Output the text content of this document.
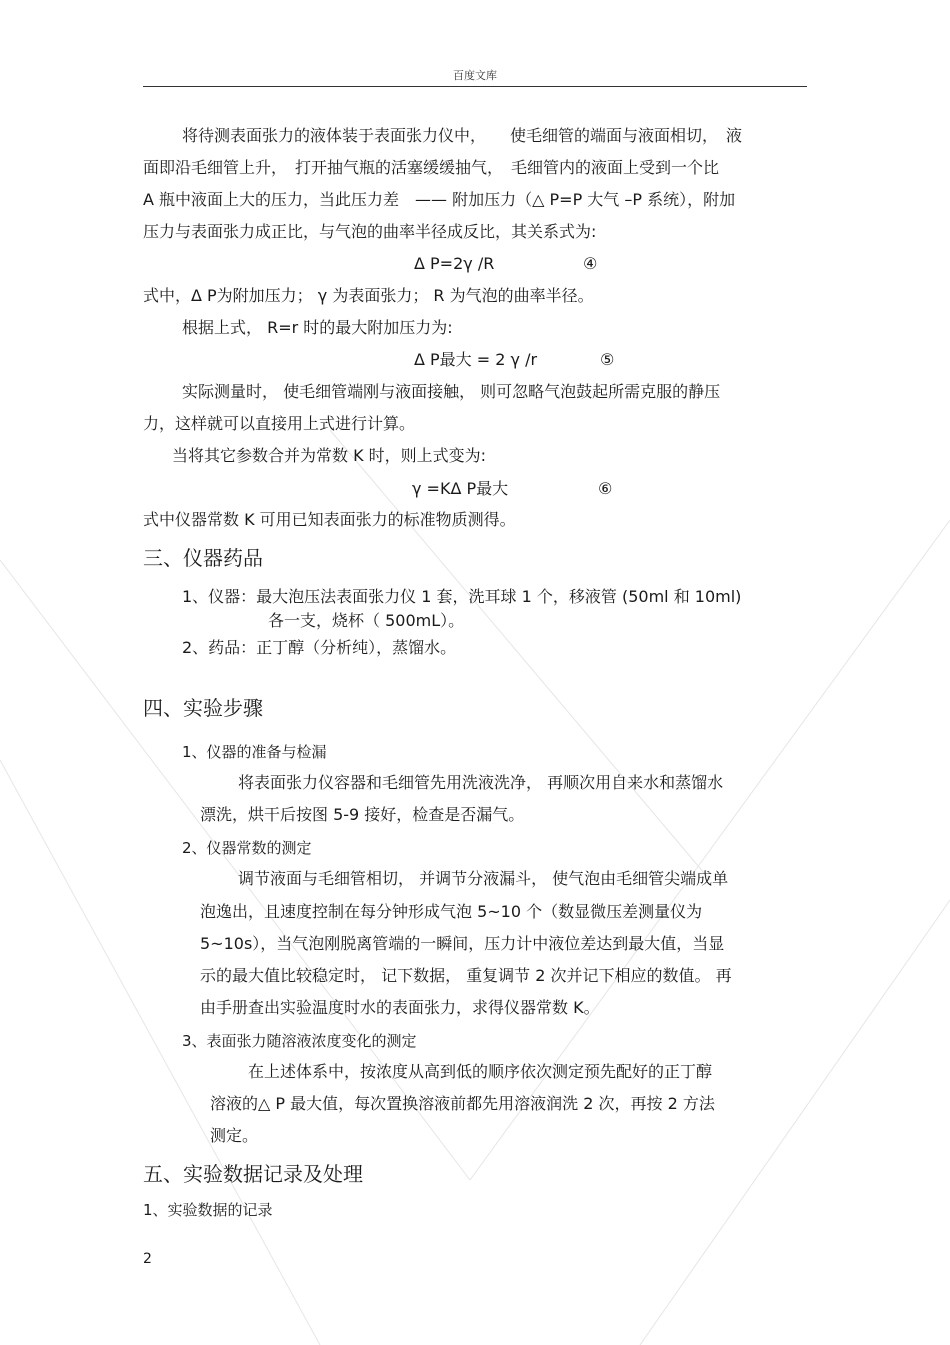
百度文库
将待测表面张力的液体装于表面张力仪中，　　使毛细管的端面与液面相切，　液
面即沿毛细管上升，　打开抽气瓶的活塞缓缓抽气，　毛细管内的液面上受到一个比
A 瓶中液面上大的压力，当此压力差　—— 附加压力（△ P=P 大气 –P 系统），附加
压力与表面张力成正比，与气泡的曲率半径成反比，其关系式为:
Δ P=2γ /R	④
式中，Δ P为附加压力； γ 为表面张力； R 为气泡的曲率半径。
根据上式， R=r 时的最大附加压力为:
Δ P最大 = 2 γ /r	⑤
实际测量时， 使毛细管端刚与液面接触， 则可忽略气泡鼓起所需克服的静压
力，这样就可以直接用上式进行计算。
当将其它参数合并为常数 K 时，则上式变为:
γ =KΔ P最大	⑥
式中仪器常数 K 可用已知表面张力的标准物质测得。
三、仪器药品
1、仪器：最大泡压法表面张力仪 1 套，洗耳球 1 个，移液管 (50ml 和 10ml)
各一支，烧杯（ 500mL）。
2、药品：正丁醇（分析纯），蒸馏水。
四、实验步骤
1、仪器的准备与检漏
将表面张力仪容器和毛细管先用洗液洗净， 再顺次用自来水和蒸馏水
漂洗，烘干后按图 5-9 接好，检查是否漏气。
2、仪器常数的测定
调节液面与毛细管相切， 并调节分液漏斗， 使气泡由毛细管尖端成单
泡逸出，且速度控制在每分钟形成气泡 5~10 个（数显微压差测量仪为
5~10s），当气泡刚脱离管端的一瞬间，压力计中液位差达到最大值，当显
示的最大值比较稳定时， 记下数据， 重复调节 2 次并记下相应的数值。 再
由手册查出实验温度时水的表面张力，求得仪器常数 K。
3、表面张力随溶液浓度变化的测定
在上述体系中，按浓度从高到低的顺序依次测定预先配好的正丁醇
溶液的△ P 最大值，每次置换溶液前都先用溶液润洗 2 次，再按 2 方法
测定。
五、实验数据记录及处理
1、实验数据的记录
2
